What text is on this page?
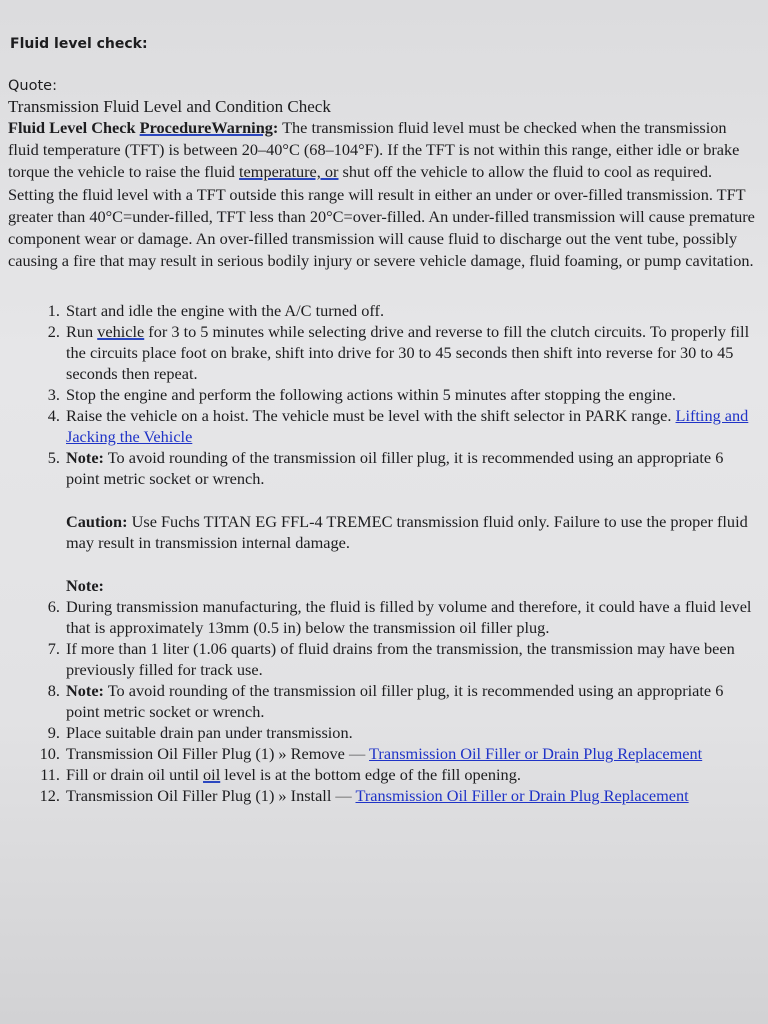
Fluid level check:
Quote:
Transmission Fluid Level and Condition Check

Fluid Level Check ProcedureWarning: The transmission fluid level must be checked when the transmission fluid temperature (TFT) is between 20–40°C (68–104°F). If the TFT is not within this range, either idle or brake torque the vehicle to raise the fluid temperature, or shut off the vehicle to allow the fluid to cool as required. Setting the fluid level with a TFT outside this range will result in either an under or over-filled transmission. TFT greater than 40°C=under-filled, TFT less than 20°C=over-filled. An under-filled transmission will cause premature component wear or damage. An over-filled transmission will cause fluid to discharge out the vent tube, possibly causing a fire that may result in serious bodily injury or severe vehicle damage, fluid foaming, or pump cavitation.

1. Start and idle the engine with the A/C turned off.
2. Run vehicle for 3 to 5 minutes while selecting drive and reverse to fill the clutch circuits. To properly fill the circuits place foot on brake, shift into drive for 30 to 45 seconds then shift into reverse for 30 to 45 seconds then repeat.
3. Stop the engine and perform the following actions within 5 minutes after stopping the engine.
4. Raise the vehicle on a hoist. The vehicle must be level with the shift selector in PARK range. Lifting and Jacking the Vehicle
5. Note: To avoid rounding of the transmission oil filler plug, it is recommended using an appropriate 6 point metric socket or wrench.
Caution: Use Fuchs TITAN EG FFL-4 TREMEC transmission fluid only. Failure to use the proper fluid may result in transmission internal damage.
Note:
6. During transmission manufacturing, the fluid is filled by volume and therefore, it could have a fluid level that is approximately 13mm (0.5 in) below the transmission oil filler plug.
7. If more than 1 liter (1.06 quarts) of fluid drains from the transmission, the transmission may have been previously filled for track use.
8. Note: To avoid rounding of the transmission oil filler plug, it is recommended using an appropriate 6 point metric socket or wrench.
9. Place suitable drain pan under transmission.
10. Transmission Oil Filler Plug (1) » Remove — Transmission Oil Filler or Drain Plug Replacement
11. Fill or drain oil until oil level is at the bottom edge of the fill opening.
12. Transmission Oil Filler Plug (1) » Install — Transmission Oil Filler or Drain Plug Replacement
